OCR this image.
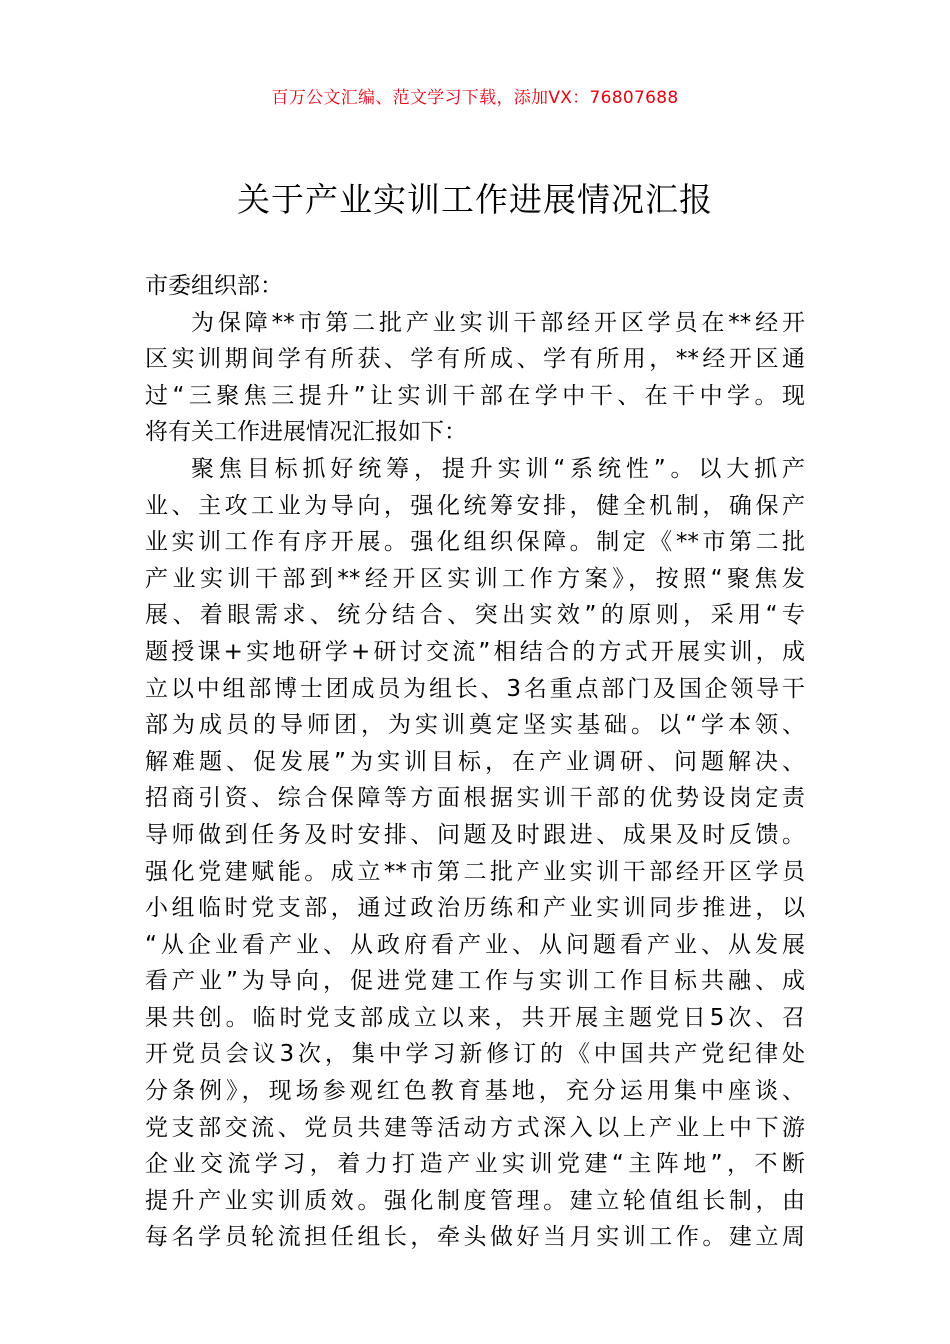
百万公文汇编、范文学习下载，添加VX：76807688
关于产业实训工作进展情况汇报
市委组织部：
为保障**市第二批产业实训干部经开区学员在**经开
区实训期间学有所获、学有所成、学有所用，**经开区通
过“三聚焦三提升”让实训干部在学中干、在干中学。现
将有关工作进展情况汇报如下：
聚焦目标抓好统筹，提升实训“系统性”。以大抓产
业、主攻工业为导向，强化统筹安排，健全机制，确保产
业实训工作有序开展。强化组织保障。制定《**市第二批
产业实训干部到**经开区实训工作方案》，按照“聚焦发
展、着眼需求、统分结合、突出实效”的原则，采用“专
题授课+实地研学+研讨交流”相结合的方式开展实训，成
立以中组部博士团成员为组长、3名重点部门及国企领导干
部为成员的导师团，为实训奠定坚实基础。以“学本领、
解难题、促发展”为实训目标，在产业调研、问题解决、
招商引资、综合保障等方面根据实训干部的优势设岗定责
导师做到任务及时安排、问题及时跟进、成果及时反馈。
强化党建赋能。成立**市第二批产业实训干部经开区学员
小组临时党支部，通过政治历练和产业实训同步推进，以
“从企业看产业、从政府看产业、从问题看产业、从发展
看产业”为导向，促进党建工作与实训工作目标共融、成
果共创。临时党支部成立以来，共开展主题党日5次、召
开党员会议3次，集中学习新修订的《中国共产党纪律处
分条例》，现场参观红色教育基地，充分运用集中座谈、
党支部交流、党员共建等活动方式深入以上产业上中下游
企业交流学习，着力打造产业实训党建“主阵地”，不断
提升产业实训质效。强化制度管理。建立轮值组长制，由
每名学员轮流担任组长，牵头做好当月实训工作。建立周
